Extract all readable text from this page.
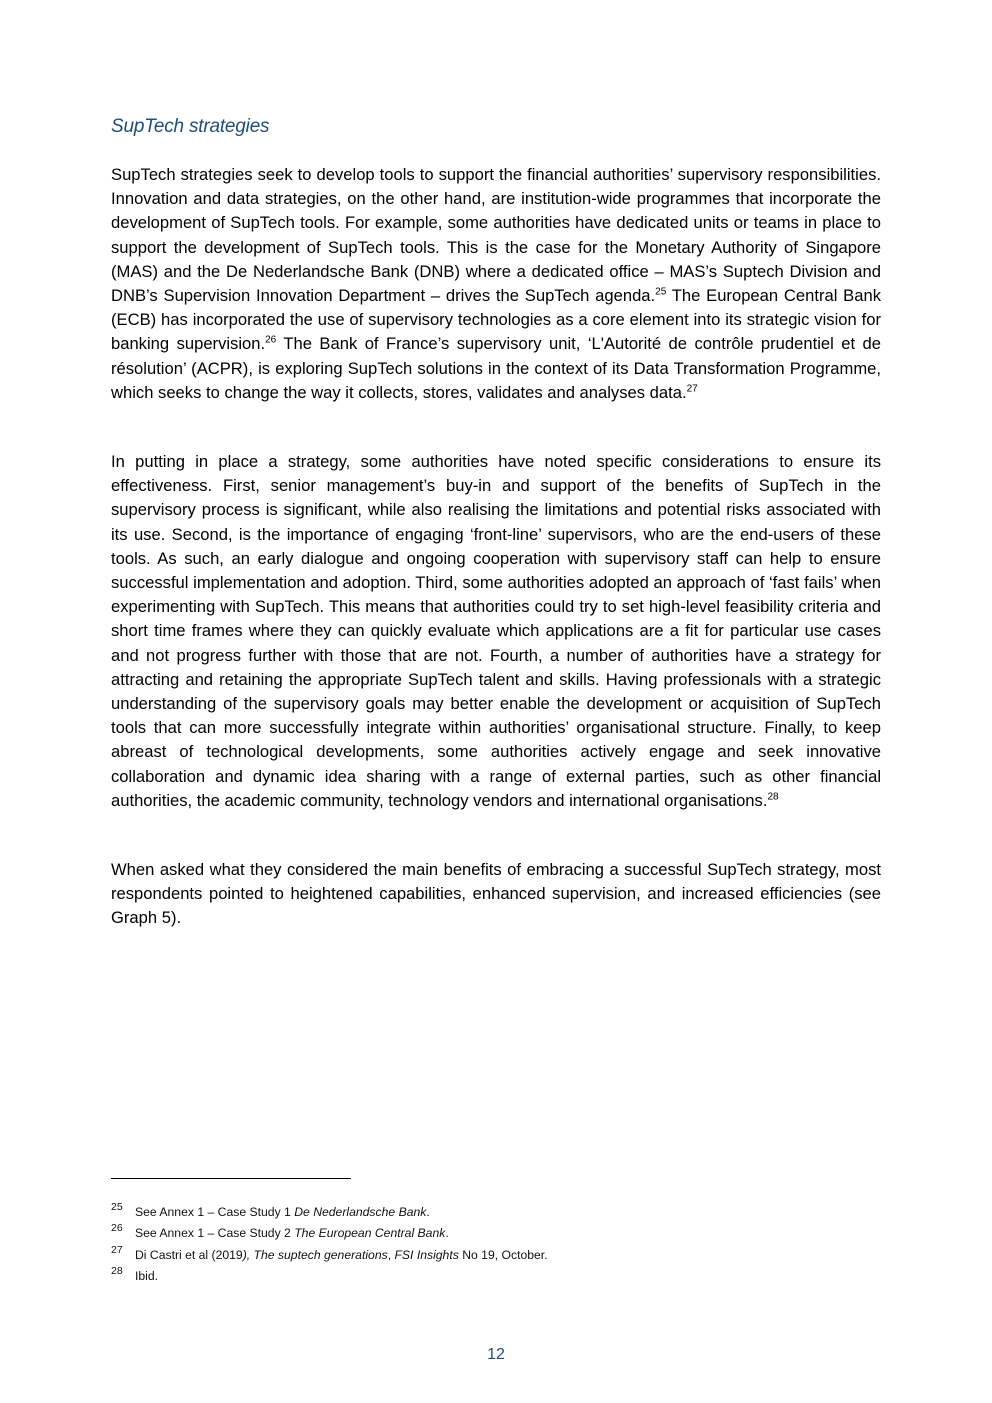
SupTech strategies

SupTech strategies seek to develop tools to support the financial authorities’ supervisory responsibilities. Innovation and data strategies, on the other hand, are institution-wide programmes that incorporate the development of SupTech tools. For example, some authorities have dedicated units or teams in place to support the development of SupTech tools. This is the case for the Monetary Authority of Singapore (MAS) and the De Nederlandsche Bank (DNB) where a dedicated office – MAS’s Suptech Division and DNB’s Supervision Innovation Department – drives the SupTech agenda.$^{25}$ The European Central Bank (ECB) has incorporated the use of supervisory technologies as a core element into its strategic vision for banking supervision.$^{26}$ The Bank of France’s supervisory unit, ‘L'Autorité de contrôle prudentiel et de résolution’ (ACPR), is exploring SupTech solutions in the context of its Data Transformation Programme, which seeks to change the way it collects, stores, validates and analyses data.$^{27}$

In putting in place a strategy, some authorities have noted specific considerations to ensure its effectiveness. First, senior management’s buy-in and support of the benefits of SupTech in the supervisory process is significant, while also realising the limitations and potential risks associated with its use. Second, is the importance of engaging ‘front-line’ supervisors, who are the end-users of these tools. As such, an early dialogue and ongoing cooperation with supervisory staff can help to ensure successful implementation and adoption. Third, some authorities adopted an approach of ‘fast fails’ when experimenting with SupTech. This means that authorities could try to set high-level feasibility criteria and short time frames where they can quickly evaluate which applications are a fit for particular use cases and not progress further with those that are not. Fourth, a number of authorities have a strategy for attracting and retaining the appropriate SupTech talent and skills. Having professionals with a strategic understanding of the supervisory goals may better enable the development or acquisition of SupTech tools that can more successfully integrate within authorities’ organisational structure. Finally, to keep abreast of technological developments, some authorities actively engage and seek innovative collaboration and dynamic idea sharing with a range of external parties, such as other financial authorities, the academic community, technology vendors and international organisations.$^{28}$

When asked what they considered the main benefits of embracing a successful SupTech strategy, most respondents pointed to heightened capabilities, enhanced supervision, and increased efficiencies (see Graph 5).

25 See Annex 1 – Case Study 1 De Nederlandsche Bank.
26 See Annex 1 – Case Study 2 The European Central Bank.
27 Di Castri et al (2019), The suptech generations, FSI Insights No 19, October.
28 Ibid.
12
